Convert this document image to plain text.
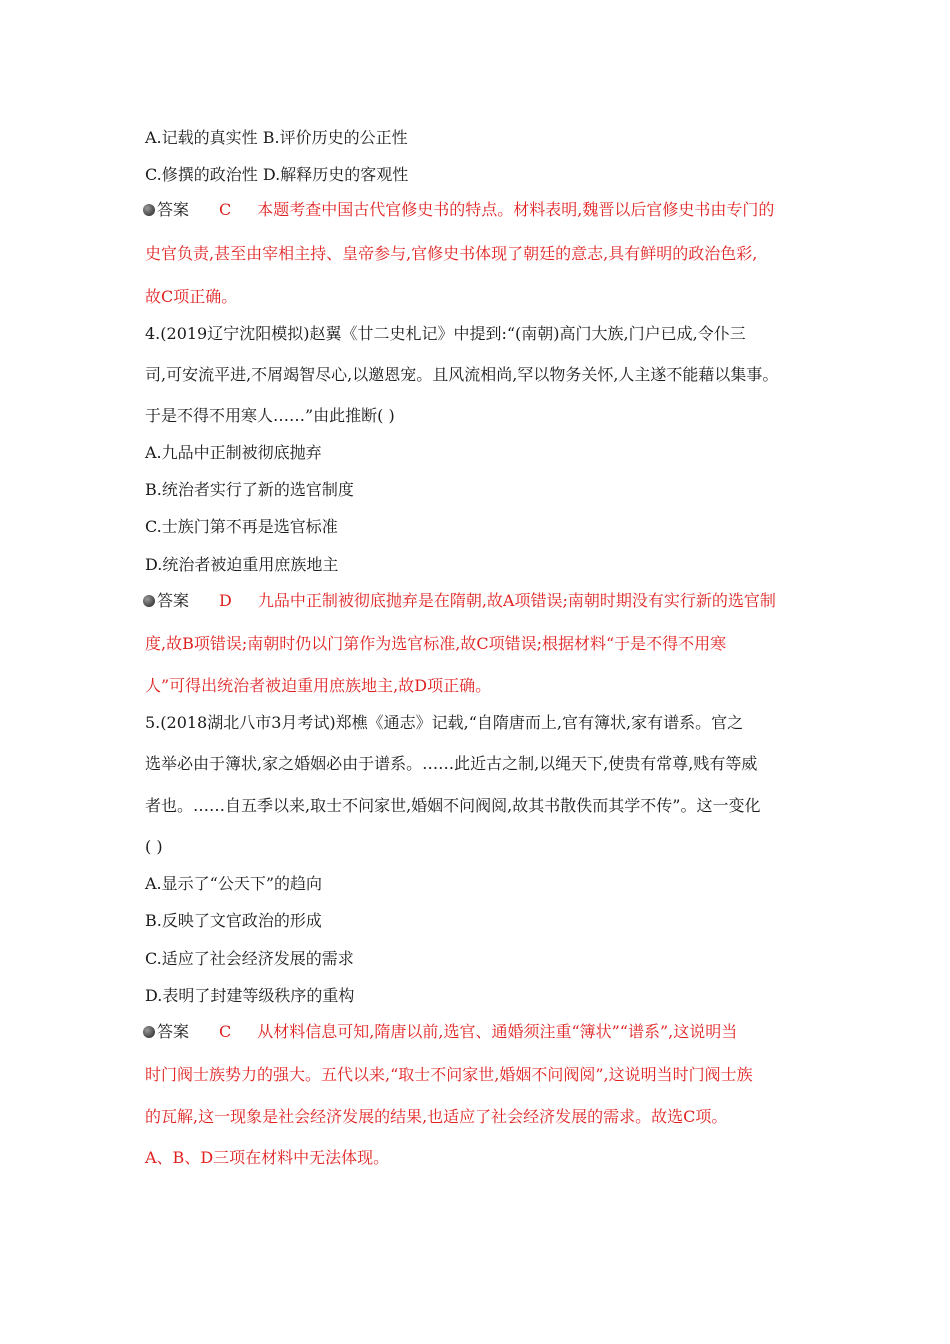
A.记载的真实性 B.评价历史的公正性
C.修撰的政治性 D.解释历史的客观性
答案 C 本题考查中国古代官修史书的特点。材料表明,魏晋以后官修史书由专门的
史官负责,甚至由宰相主持、皇帝参与,官修史书体现了朝廷的意志,具有鲜明的政治色彩,
故C项正确。
4.(2019辽宁沈阳模拟)赵翼《廿二史札记》中提到:“(南朝)高门大族,门户已成,令仆三
司,可安流平进,不屑竭智尽心,以邀恩宠。且风流相尚,罕以物务关怀,人主遂不能藉以集事。
于是不得不用寒人……”由此推断( )
A.九品中正制被彻底抛弃
B.统治者实行了新的选官制度
C.士族门第不再是选官标准
D.统治者被迫重用庶族地主
答案 D 九品中正制被彻底抛弃是在隋朝,故A项错误;南朝时期没有实行新的选官制
度,故B项错误;南朝时仍以门第作为选官标准,故C项错误;根据材料“于是不得不用寒
人”可得出统治者被迫重用庶族地主,故D项正确。
5.(2018湖北八市3月考试)郑樵《通志》记载,“自隋唐而上,官有簿状,家有谱系。官之
选举必由于簿状,家之婚姻必由于谱系。……此近古之制,以绳天下,使贵有常尊,贱有等威
者也。……自五季以来,取士不问家世,婚姻不问阀阅,故其书散佚而其学不传”。这一变化
( )
A.显示了“公天下”的趋向
B.反映了文官政治的形成
C.适应了社会经济发展的需求
D.表明了封建等级秩序的重构
答案 C 从材料信息可知,隋唐以前,选官、通婚须注重“簿状”“谱系”,这说明当
时门阀士族势力的强大。五代以来,“取士不问家世,婚姻不问阀阅”,这说明当时门阀士族
的瓦解,这一现象是社会经济发展的结果,也适应了社会经济发展的需求。故选C项。
A、B、D三项在材料中无法体现。
